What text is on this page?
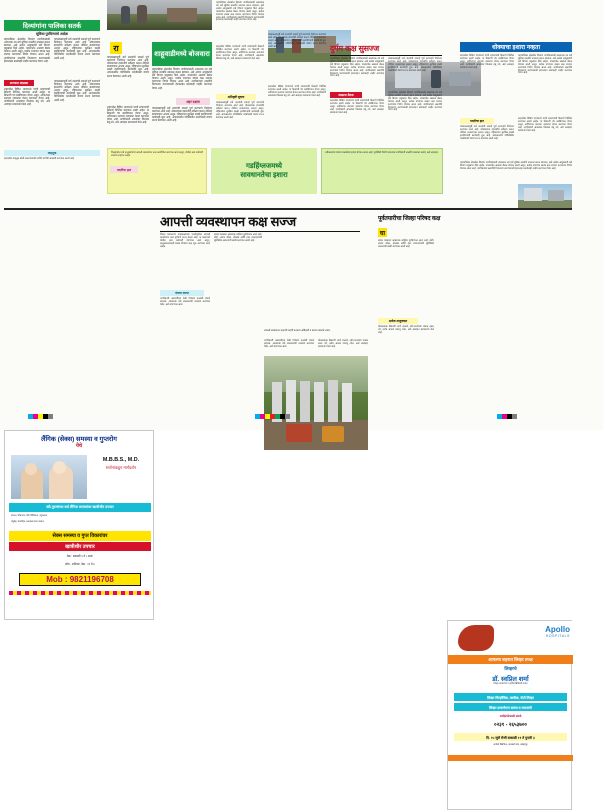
दिव्यांगांना पालिका सतर्क
सुविधा पुरविण्याचे आदेश
महापालिका क्षेत्रातील दिव्यांग नागरिकांसाठी आवश्यक त्या सर्व सुविधा तातडीने उपलब्ध करून द्याव्यात, असे आदेश आयुक्तांनी सर्व विभाग प्रमुखांना दिले आहेत. यासंदर्भात आढावा बैठक घेण्यात आली असून, प्रत्येक प्रभागात स्वतंत्र कक्ष स्थापन करण्याचा निर्णय घेण्यात आला आहे. नागरिकांच्या तक्रारींचे निराकरण करण्यासाठी हेल्पलाइन क्रमांकही जाहीर करण्यात येणार आहे.
पावसाळ्यापूर्वी सर्व नाल्यांची सफाई पूर्ण करण्याचे नियोजन करण्यात आले आहे. धोकादायक इमारतींचे सर्वेक्षण करून नोटिसा बजावण्यात आल्या असून, रहिवाशांना सुरक्षित स्थळी हलविण्याची कार्यवाही सुरू आहे. आपत्कालीन परिस्थितीत मदतीसाठी यंत्रणा सज्ज ठेवण्यात आली आहे.
सज्जता आढावा
शहरातील विविध भागांमध्ये पाणी साचण्याची ठिकाणे निश्चित करण्यात आली आहेत. या ठिकाणी पंप बसविण्यात येणार असून, अग्निशमन दलाच्या जवानांना तैनात करण्यात येणार आहे. नागरिकांनी अफवांवर विश्वास ठेवू नये, असे आवाहन प्रशासनाने केले आहे.
पावसाळ्यापूर्वी सर्व नाल्यांची सफाई पूर्ण करण्याचे नियोजन करण्यात आले आहे. धोकादायक इमारतींचे सर्वेक्षण करून नोटिसा बजावण्यात आल्या असून, रहिवाशांना सुरक्षित स्थळी हलविण्याची कार्यवाही सुरू आहे. आपत्कालीन परिस्थितीत मदतीसाठी यंत्रणा सज्ज ठेवण्यात आली आहे.
रा
पावसाळ्यापूर्वी सर्व नाल्यांची सफाई पूर्ण करण्याचे नियोजन करण्यात आले आहे. धोकादायक इमारतींचे सर्वेक्षण करून नोटिसा बजावण्यात आल्या असून, रहिवाशांना सुरक्षित स्थळी हलविण्याची कार्यवाही सुरू आहे. आपत्कालीन परिस्थितीत मदतीसाठी यंत्रणा सज्ज ठेवण्यात आली आहे.
शहरातील विविध भागांमध्ये पाणी साचण्याची ठिकाणे निश्चित करण्यात आली आहेत. या ठिकाणी पंप बसविण्यात येणार असून, अग्निशमन दलाच्या जवानांना तैनात करण्यात येणार आहे. नागरिकांनी अफवांवर विश्वास ठेवू नये, असे आवाहन प्रशासनाने केले आहे.
शाहूवाडीमध्ये बोजवारा
महापालिका क्षेत्रातील दिव्यांग नागरिकांसाठी आवश्यक त्या सर्व सुविधा तातडीने उपलब्ध करून द्याव्यात, असे आदेश आयुक्तांनी सर्व विभाग प्रमुखांना दिले आहेत. यासंदर्भात आढावा बैठक घेण्यात आली असून, प्रत्येक प्रभागात स्वतंत्र कक्ष स्थापन करण्याचा निर्णय घेण्यात आला आहे. नागरिकांच्या तक्रारींचे निराकरण करण्यासाठी हेल्पलाइन क्रमांकही जाहीर करण्यात येणार आहे.
शहर दक्षता
पावसाळ्यापूर्वी सर्व नाल्यांची सफाई पूर्ण करण्याचे नियोजन करण्यात आले आहे. धोकादायक इमारतींचे सर्वेक्षण करून नोटिसा बजावण्यात आल्या असून, रहिवाशांना सुरक्षित स्थळी हलविण्याची कार्यवाही सुरू आहे. आपत्कालीन परिस्थितीत मदतीसाठी यंत्रणा सज्ज ठेवण्यात आली आहे.
महापालिका क्षेत्रातील दिव्यांग नागरिकांसाठी आवश्यक त्या सर्व सुविधा तातडीने उपलब्ध करून द्याव्यात, असे आदेश आयुक्तांनी सर्व विभाग प्रमुखांना दिले आहेत. यासंदर्भात आढावा बैठक घेण्यात आली असून, प्रत्येक प्रभागात स्वतंत्र कक्ष स्थापन करण्याचा निर्णय घेण्यात आला आहे. नागरिकांच्या तक्रारींचे निराकरण करण्यासाठी हेल्पलाइन क्रमांकही जाहीर करण्यात येणार आहे.
शहरातील विविध भागांमध्ये पाणी साचण्याची ठिकाणे निश्चित करण्यात आली आहेत. या ठिकाणी पंप बसविण्यात येणार असून, अग्निशमन दलाच्या जवानांना तैनात करण्यात येणार आहे. नागरिकांनी अफवांवर विश्वास ठेवू नये, असे आवाहन प्रशासनाने केले आहे.
अतिवृष्टी सूचना
पावसाळ्यापूर्वी सर्व नाल्यांची सफाई पूर्ण करण्याचे नियोजन करण्यात आले आहे. धोकादायक इमारतींचे सर्वेक्षण करून नोटिसा बजावण्यात आल्या असून, रहिवाशांना सुरक्षित स्थळी हलविण्याची कार्यवाही सुरू आहे. आपत्कालीन परिस्थितीत मदतीसाठी यंत्रणा सज्ज ठेवण्यात आली आहे.
पावसाळ्यापूर्वी सर्व नाल्यांची सफाई पूर्ण करण्याचे नियोजन करण्यात आले आहे. धोकादायक इमारतींचे सर्वेक्षण करून नोटिसा बजावण्यात आल्या असून, रहिवाशांना सुरक्षित स्थळी हलविण्याची कार्यवाही सुरू आहे. आपत्कालीन परिस्थितीत मदतीसाठी यंत्रणा सज्ज ठेवण्यात आली आहे.
शहरातील विविध भागांमध्ये पाणी साचण्याची ठिकाणे निश्चित करण्यात आली आहेत. या ठिकाणी पंप बसविण्यात येणार असून, अग्निशमन दलाच्या जवानांना तैनात करण्यात येणार आहे. नागरिकांनी अफवांवर विश्वास ठेवू नये, असे आवाहन प्रशासनाने केले आहे.
दुर्गम कक्ष सुसज्ज
महापालिका क्षेत्रातील दिव्यांग नागरिकांसाठी आवश्यक त्या सर्व सुविधा तातडीने उपलब्ध करून द्याव्यात, असे आदेश आयुक्तांनी सर्व विभाग प्रमुखांना दिले आहेत. यासंदर्भात आढावा बैठक घेण्यात आली असून, प्रत्येक प्रभागात स्वतंत्र कक्ष स्थापन करण्याचा निर्णय घेण्यात आला आहे. नागरिकांच्या तक्रारींचे निराकरण करण्यासाठी हेल्पलाइन क्रमांकही जाहीर करण्यात येणार आहे.
पावसाळ्यापूर्वी सर्व नाल्यांची सफाई पूर्ण करण्याचे नियोजन करण्यात आले आहे. धोकादायक इमारतींचे सर्वेक्षण करून नोटिसा बजावण्यात आल्या असून, रहिवाशांना सुरक्षित स्थळी हलविण्याची कार्यवाही सुरू आहे. आपत्कालीन परिस्थितीत मदतीसाठी यंत्रणा सज्ज ठेवण्यात आली आहे.
आढावा बैठक
शहरातील विविध भागांमध्ये पाणी साचण्याची ठिकाणे निश्चित करण्यात आली आहेत. या ठिकाणी पंप बसविण्यात येणार असून, अग्निशमन दलाच्या जवानांना तैनात करण्यात येणार आहे. नागरिकांनी अफवांवर विश्वास ठेवू नये, असे आवाहन प्रशासनाने केले आहे.
महापालिका क्षेत्रातील दिव्यांग नागरिकांसाठी आवश्यक त्या सर्व सुविधा तातडीने उपलब्ध करून द्याव्यात, असे आदेश आयुक्तांनी सर्व विभाग प्रमुखांना दिले आहेत. यासंदर्भात आढावा बैठक घेण्यात आली असून, प्रत्येक प्रभागात स्वतंत्र कक्ष स्थापन करण्याचा निर्णय घेण्यात आला आहे. नागरिकांच्या तक्रारींचे निराकरण करण्यासाठी हेल्पलाइन क्रमांकही जाहीर करण्यात येणार आहे.
धोक्याचा इशारा नव्हता
शहरातील विविध भागांमध्ये पाणी साचण्याची ठिकाणे निश्चित करण्यात आली आहेत. या ठिकाणी पंप बसविण्यात येणार असून, अग्निशमन दलाच्या जवानांना तैनात करण्यात येणार आहे. नागरिकांनी अफवांवर विश्वास ठेवू नये, असे आवाहन प्रशासनाने केले आहे.
महापालिका क्षेत्रातील दिव्यांग नागरिकांसाठी आवश्यक त्या सर्व सुविधा तातडीने उपलब्ध करून द्याव्यात, असे आदेश आयुक्तांनी सर्व विभाग प्रमुखांना दिले आहेत. यासंदर्भात आढावा बैठक घेण्यात आली असून, प्रत्येक प्रभागात स्वतंत्र कक्ष स्थापन करण्याचा निर्णय घेण्यात आला आहे. नागरिकांच्या तक्रारींचे निराकरण करण्यासाठी हेल्पलाइन क्रमांकही जाहीर करण्यात येणार आहे.
मदतीचा हात
पावसाळ्यापूर्वी सर्व नाल्यांची सफाई पूर्ण करण्याचे नियोजन करण्यात आले आहे. धोकादायक इमारतींचे सर्वेक्षण करून नोटिसा बजावण्यात आल्या असून, रहिवाशांना सुरक्षित स्थळी हलविण्याची कार्यवाही सुरू आहे. आपत्कालीन परिस्थितीत मदतीसाठी यंत्रणा सज्ज ठेवण्यात आली आहे.
शहरातील विविध भागांमध्ये पाणी साचण्याची ठिकाणे निश्चित करण्यात आली आहेत. या ठिकाणी पंप बसविण्यात येणार असून, अग्निशमन दलाच्या जवानांना तैनात करण्यात येणार आहे. नागरिकांनी अफवांवर विश्वास ठेवू नये, असे आवाहन प्रशासनाने केले आहे.
महापालिका क्षेत्रातील दिव्यांग नागरिकांसाठी आवश्यक त्या सर्व सुविधा तातडीने उपलब्ध करून द्याव्यात, असे आदेश आयुक्तांनी सर्व विभाग प्रमुखांना दिले आहेत. यासंदर्भात आढावा बैठक घेण्यात आली असून, प्रत्येक प्रभागात स्वतंत्र कक्ष स्थापन करण्याचा निर्णय घेण्यात आला आहे. नागरिकांच्या तक्रारींचे निराकरण करण्यासाठी हेल्पलाइन क्रमांकही जाहीर करण्यात येणार आहे.
वाहतूक
शहरातील वाहतूक कोंडी टाळण्यासाठी पर्यायी मार्गांची आखणी करण्यात आली आहे.
जिल्ह्यातील सर्व तालुक्यांमध्ये आपत्ती व्यवस्थापन कक्ष कार्यान्वित करण्यात आले असून, चोवीस तास कर्मचारी उपलब्ध राहणार आहेत.
गडहिंग्लजमध्ये
सावधानतेचा इशारा
नदीकाठच्या गावांना सतर्कतेचा इशारा देण्यात आला आहे. पूरस्थिती निर्माण झाल्यास नागरिकांनी तातडीने स्थलांतर करावे, असे आवाहन.
मदतीचा हात
आपत्ती व्यवस्थापन कक्ष सज्ज	पूर्वतयारीचा जिल्हा परिषद कक्ष
जिल्हा प्रशासनाने पावसाळ्याच्या पार्श्वभूमीवर आपत्ती व्यवस्थापन कक्ष पूर्णपणे सज्ज ठेवला आहे. या कक्षामध्ये चोवीस तास कर्मचारी नेमण्यात आले असून, तालुकास्तरावरही स्वतंत्र नियंत्रण कक्ष सुरू करण्यात आले आहेत.
बचाव पथकांना आवश्यक साहित्य पुरविण्यात आले आहे. बोटी, लाइफ जॅकेट, दोरखंड आणि इतर साधनसामग्री सुस्थितीत असल्याची खात्री करण्यात आली आहे.
आपत्ती व्यवस्थापन कक्षाची पाहणी करताना अधिकारी व बचाव पथकाचे जवान.
नागरिकांनी अडचणीच्या वेळी नियंत्रण कक्षाशी संपर्क साधावा. आवश्यक तेथे स्थलांतराची व्यवस्था करण्यात येईल, असे सांगण्यात आले.
धोकादायक ठिकाणी जाणे टाळावे, नदी-नाल्यांच्या पात्रात उतरू नये, तसेच अफवा पसरवू नयेत, असे आवाहन प्रशासनाने केले आहे.
घा
बचाव पथकांना आवश्यक साहित्य पुरविण्यात आले आहे. बोटी, लाइफ जॅकेट, दोरखंड आणि इतर साधनसामग्री सुस्थितीत असल्याची खात्री करण्यात आली आहे.
प्रत्येक तालुक्यात
धोकादायक ठिकाणी जाणे टाळावे, नदी-नाल्यांच्या पात्रात उतरू नये, तसेच अफवा पसरवू नयेत, असे आवाहन प्रशासनाने केले आहे.
यंत्रणा सज्ज
नागरिकांनी अडचणीच्या वेळी नियंत्रण कक्षाशी संपर्क साधावा. आवश्यक तेथे स्थलांतराची व्यवस्था करण्यात येईल, असे सांगण्यात आले.
लैंगिक (सेक्स) समस्या व गुप्तरोग
येथे
M.B.B.S., M.D.
सर्जनांकडून मार्गदर्शन
स्त्री-पुरुषांच्या सर्व लैंगिक समस्यांवर खात्रीशीर उपचार
वंध्यत्व, शीघ्रपतन, लिंग शिथिलता, नपुंसकत्व
मधुमेह, थायरॉइड, रक्तदाब यावर उपचार
सेक्स समस्या व गुप्त विकारांवर
खात्रीशीर उपचार
वेळ : सकाळी ९ ते ८ सायं.
सोम - शनिवार, वेळ : ११ ते ६
Mob : 9821196708
Apollo
HOSPITALS
आपल्या शहरात लिव्हर तज्ज्ञ
लिव्हरचे
डॉ. स्वप्निल शर्मा
लिव्हर प्रत्यारोपण व हेपॅटो-बिलियरी सर्जन
लिव्हर सिऱ्हॉसिस, कावीळ, फॅटी लिव्हर
लिव्हर प्रत्यारोपण सल्ला व तपासणी
अपॉइंटमेंटसाठी संपर्क
०२३१ - २६५३७००
दि. १५ जुलै रोजी सकाळी ११ ते दुपारी ३
अपोलो क्लिनिक, ताराबाई पार्क, कोल्हापूर
